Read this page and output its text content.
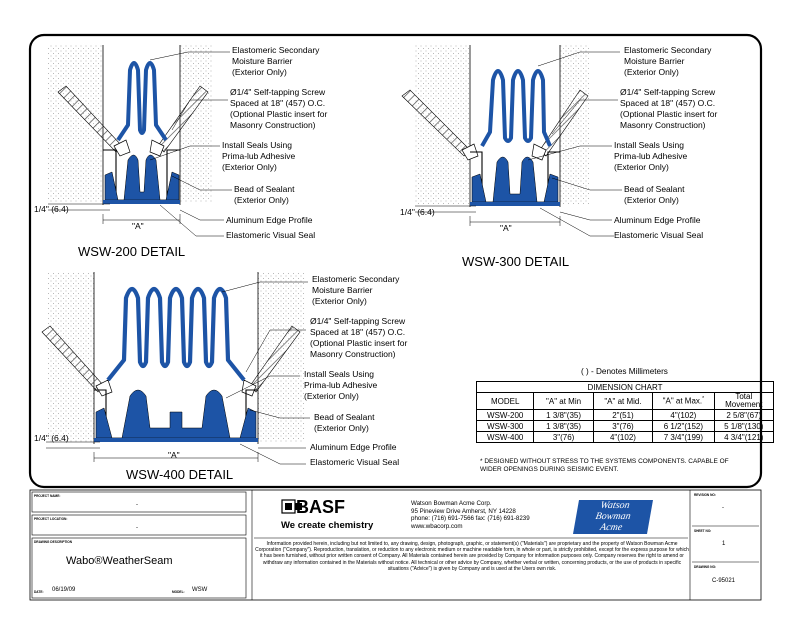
1/4" (6.4)
"A"
Elastomeric Secondary
Moisture Barrier
(Exterior Only)
Ø1/4" Self-tapping Screw
Spaced at 18" (457) O.C.
(Optional Plastic insert for
Masonry Construction)
Install Seals Using
Prima-lub Adhesive
(Exterior Only)
Bead of Sealant
(Exterior Only)
Aluminum Edge Profile
Elastomeric Visual Seal
WSW-200 DETAIL
1/4" (6.4)
"A"
Elastomeric Secondary
Moisture Barrier
(Exterior Only)
Ø1/4" Self-tapping Screw
Spaced at 18" (457) O.C.
(Optional Plastic insert for
Masonry Construction)
Install Seals Using
Prima-lub Adhesive
(Exterior Only)
Bead of Sealant
(Exterior Only)
Aluminum Edge Profile
Elastomeric Visual Seal
WSW-300 DETAIL
1/4" (6.4)
"A"
Elastomeric Secondary
Moisture Barrier
(Exterior Only)
Ø1/4" Self-tapping Screw
Spaced at 18" (457) O.C.
(Optional Plastic insert for
Masonry Construction)
Install Seals Using
Prima-lub Adhesive
(Exterior Only)
Bead of Sealant
(Exterior Only)
Aluminum Edge Profile
Elastomeric Visual Seal
WSW-400 DETAIL
( ) - Denotes Millimeters
DIMENSION CHART				
MODEL	"A" at Min	"A" at Mid.	"A" at Max.*	Total
Movement
WSW-200	1 3/8"(35)	2"(51)	4"(102)	2 5/8"(67)
WSW-300	1 3/8"(35)	3"(76)	6 1/2"(152)	5 1/8"(130)
WSW-400	3"(76)	4"(102)	7 3/4"(199)	4 3/4"(121)
* DESIGNED WITHOUT STRESS TO THE SYSTEMS COMPONENTS. CAPABLE OF
WIDER OPENINGS DURING SEISMIC EVENT.
PROJECT NAME:
-
PROJECT LOCATION:
-
DRAWING DESCRIPTION
Wabo®WeatherSeam
DATE: 06/19/09	MODEL: WSW
BASF
We create chemistry
Watson Bowman Acme Corp.
95 Pineview Drive Amherst, NY 14228
phone: (716) 691-7566 fax: (716) 691-8239
www.wbacorp.com
Watson
Bowman
Acme
Information provided herein, including but not limited to, any drawing, design, photograph, graphic, or statement(s) ("Materials") are proprietary and the property of Watson Bowman Acme Corporation ("Company"). Reproduction, translation, or reduction to any electronic medium or machine readable form, in whole or part, is strictly prohibited, except for the express purpose for which it has been furnished, without prior written consent of Company. All Materials contained herein are provided by Company for information purposes only. Company reserves the right to amend or withdraw any information contained in the Materials without notice. All technical or other advice by Company, whether verbal or written, concerning products, or the use of products in specific situations ("Advice") is given by Company and is used at the Users own risk.
REVISION NO:
-
SHEET NO:
1
DRAWING NO:
C-95021
